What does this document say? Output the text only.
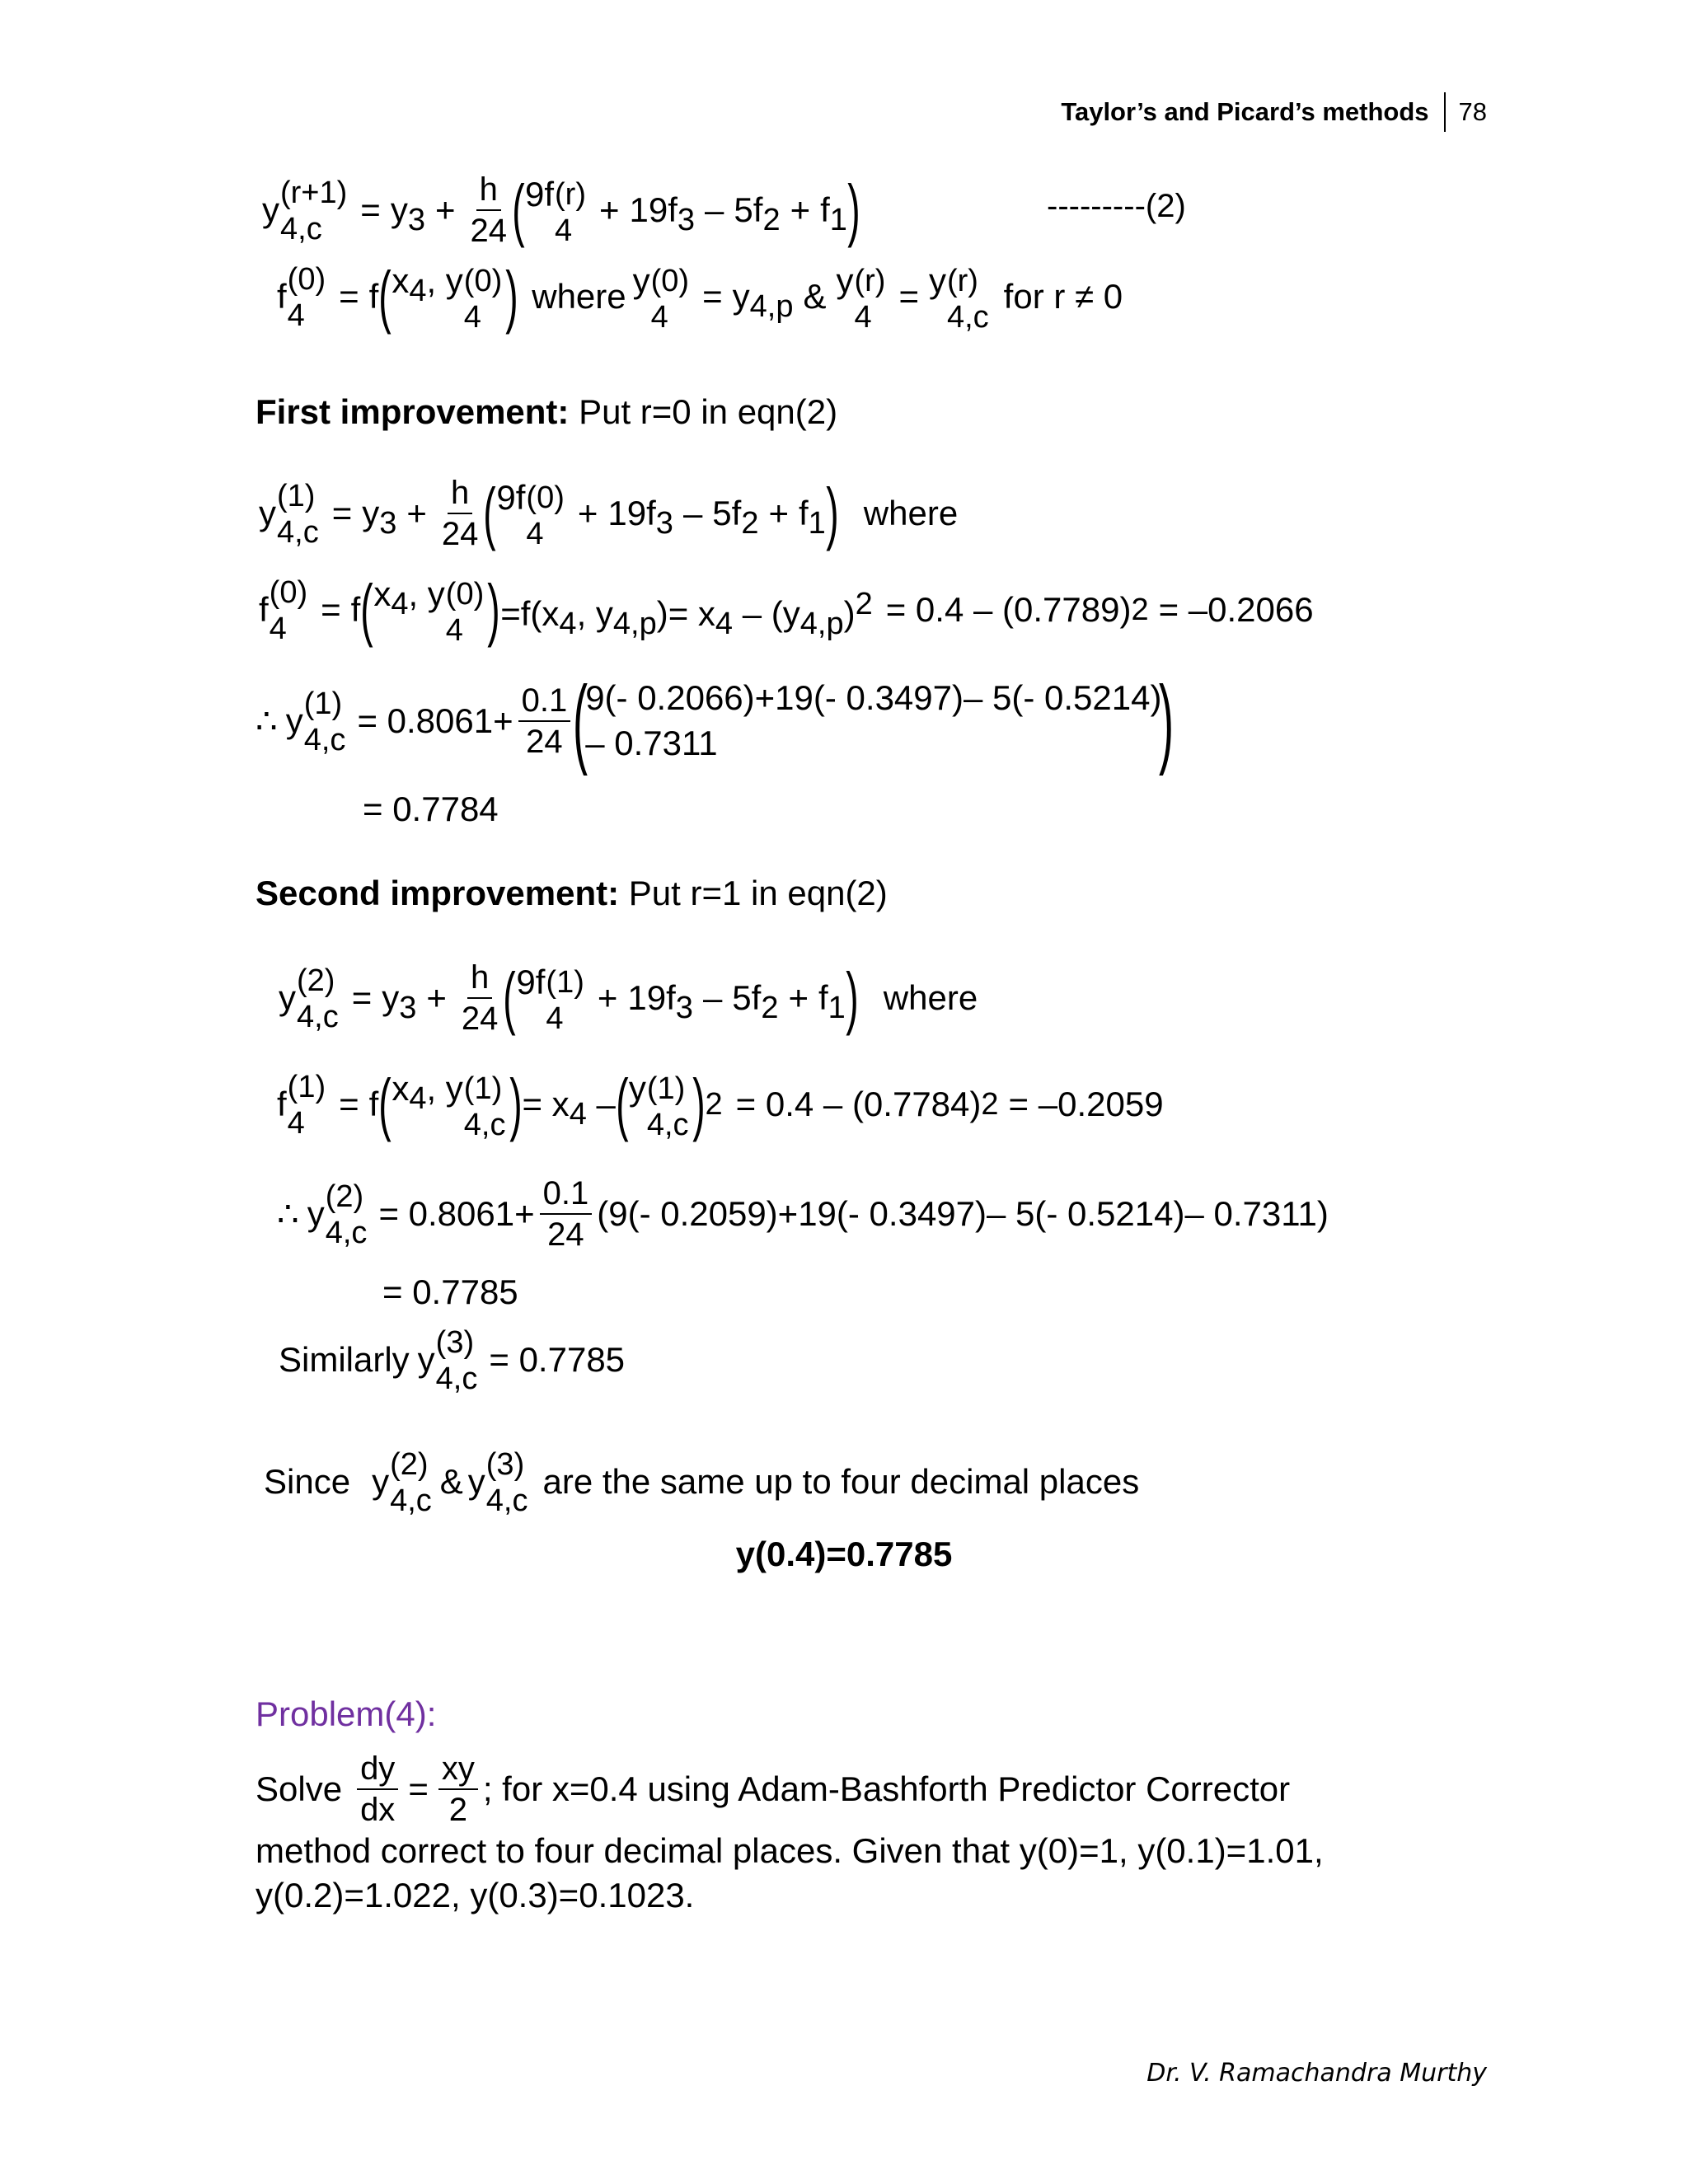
Taylor’s and Picard’s methods	78
y (r+1)
4,c	= $y3 + \frac{h}{24}$ ( 9f (r)
4
+ 19f3 – 5f2 + f1 )	---------(2)
f (0)
4 = f ( x4, y (0)
4 ) where y (0)
4
= y4,p & y (r)
4
= y (r)
4,c
for r ≠ 0
First improvement: Put r=0 in eqn(2)
y (1)
$4,c = y3 + \frac{h}{24}$ ( 9f (0)
4
+ 19f3 – 5f2 + f1 ) where
f (0)
4 = f ( x4, y (0)
4 ) =f(x4, y4,p)= x4 – (y4,p)2 = 0.4 – (0.7789) 2 = –0.2066
∴ y (1)
$4,c = 0.8061+ \frac{0.1}{24}$ (
9(- 0.2066)+19(- 0.3497)– 5(- 0.5214)
– 0.7311	)
= 0.7784
Second improvement: Put r=1 in eqn(2)
y (2)
$4,c = y3 + \frac{h}{24}$ ( 9f (1)
4
+ 19f3 – 5f2 + f1 ) where
f (1)
4 = f ( x4, y (1)
4,c ) = x4 – ( y (1)
4,c ) 2 = 0.4 – (0.7784) 2 = –0.2059
∴ y (2)
$4,c = 0.8061+ \frac{0.1}{24} (9(-$ 0.2059)+19(- 0.3497)– 5(- 0.5214)– 0.7311)
= 0.7785
Similarly y (3)
4,c = 0.7785
Since y (2)
4,c & y (3)
4,c are the same up to four decimal places
y(0.4)=0.7785
Problem(4):
Solve $\frac{dy}{dx} = \frac{xy}{2}$ ; for x=0.4 using Adam-Bashforth Predictor Corrector
method correct to four decimal places. Given that y(0)=1, y(0.1)=1.01,
y(0.2)=1.022, y(0.3)=0.1023.
Dr. V. Ramachandra Murthy
